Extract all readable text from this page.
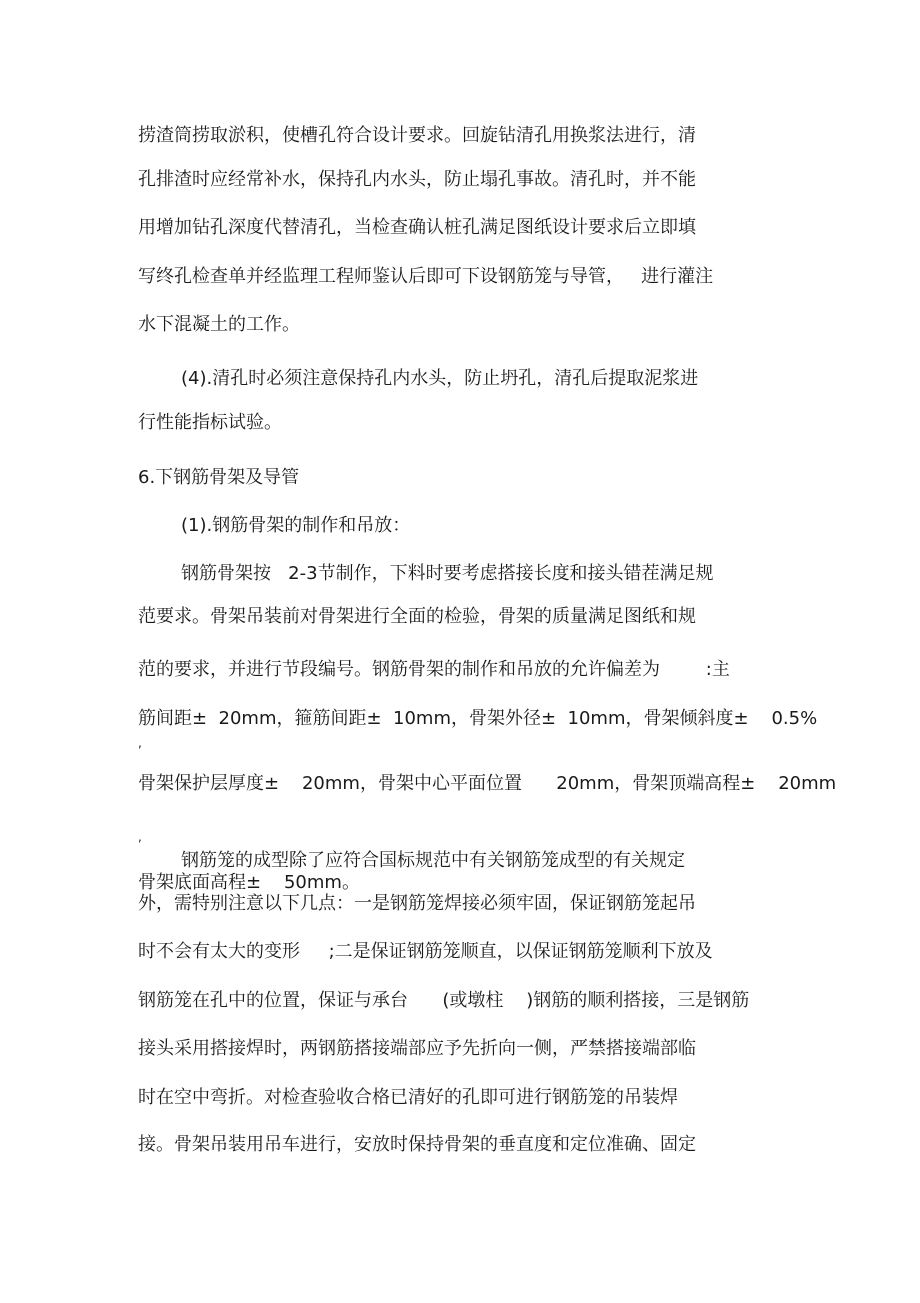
捞渣筒捞取淤积，使槽孔符合设计要求。回旋钻清孔用换浆法进行，清
孔排渣时应经常补水，保持孔内水头，防止塌孔事故。清孔时，并不能
用增加钻孔深度代替清孔，当检查确认桩孔满足图纸设计要求后立即填
写终孔检查单并经监理工程师鉴认后即可下设钢筋笼与导管，   进行灌注
水下混凝土的工作。
(4).清孔时必须注意保持孔内水头，防止坍孔，清孔后提取泥浆进
行性能指标试验。
6.下钢筋骨架及导管
(1).钢筋骨架的制作和吊放：
钢筋骨架按   2-3节制作，下料时要考虑搭接长度和接头错茬满足规
范要求。骨架吊装前对骨架进行全面的检验，骨架的质量满足图纸和规
范的要求，并进行节段编号。钢筋骨架的制作和吊放的允许偏差为        :主
筋间距±  20mm，箍筋间距±  10mm，骨架外径±  10mm，骨架倾斜度±    0.5%
,
骨架保护层厚度±    20mm，骨架中心平面位置      20mm，骨架顶端高程±    20mm
,
钢筋笼的成型除了应符合国标规范中有关钢筋笼成型的有关规定
骨架底面高程±    50mm。
外，需特别注意以下几点：一是钢筋笼焊接必须牢固，保证钢筋笼起吊
时不会有太大的变形     ;二是保证钢筋笼顺直，以保证钢筋笼顺利下放及
钢筋笼在孔中的位置，保证与承台      (或墩柱    )钢筋的顺利搭接，三是钢筋
接头采用搭接焊时，两钢筋搭接端部应予先折向一侧，严禁搭接端部临
时在空中弯折。对检查验收合格已清好的孔即可进行钢筋笼的吊装焊
接。骨架吊装用吊车进行，安放时保持骨架的垂直度和定位准确、固定
